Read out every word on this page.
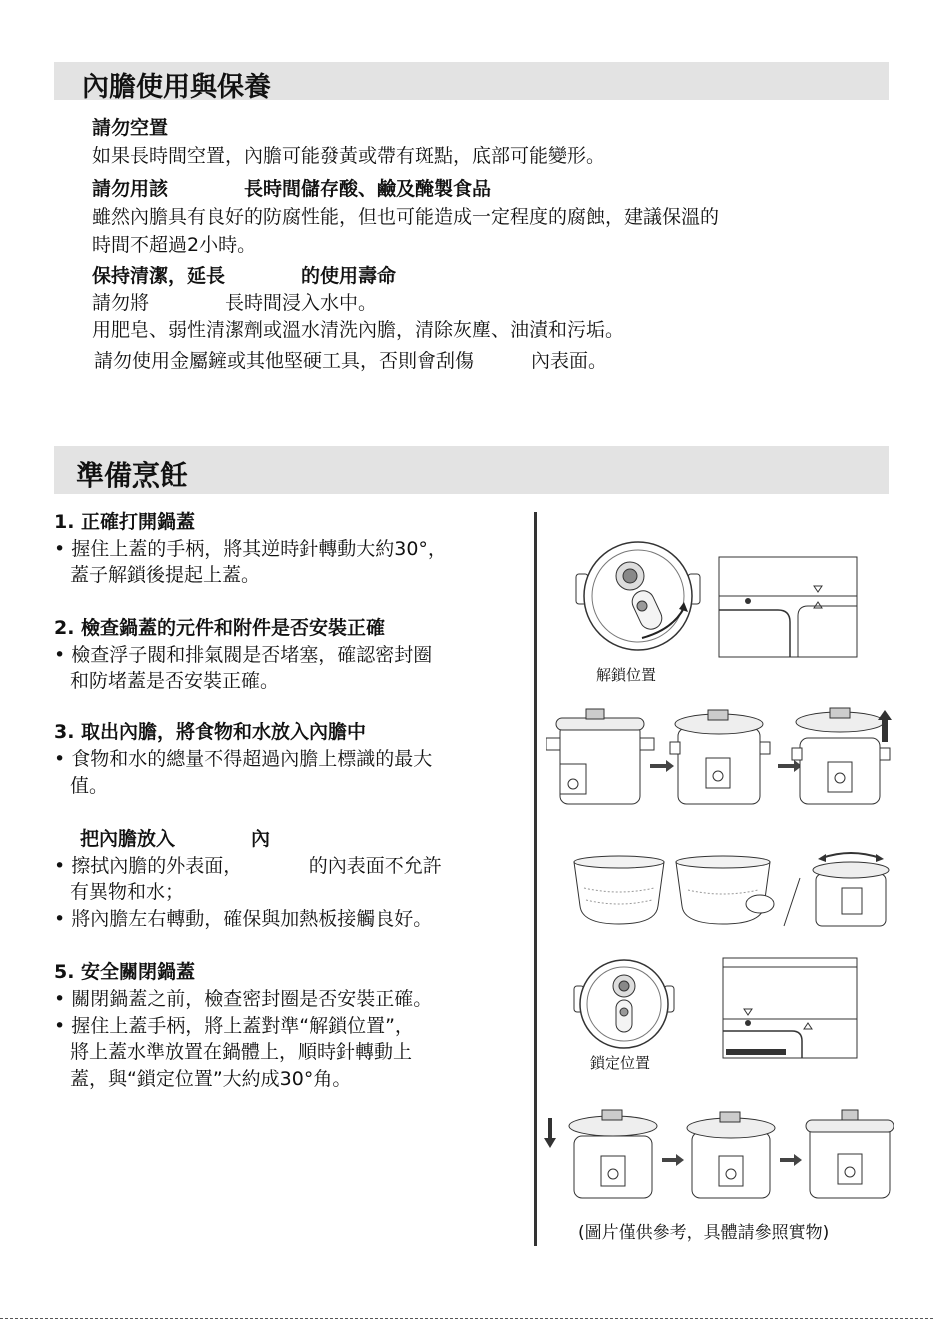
內膽使用與保養
請勿空置
如果長時間空置，內膽可能發黃或帶有斑點，底部可能變形。
請勿用該　　　　長時間儲存酸、鹼及醃製食品
雖然內膽具有良好的防腐性能，但也可能造成一定程度的腐蝕，建議保溫的
時間不超過2小時。
保持清潔，延長　　　　的使用壽命
請勿將　　　　長時間浸入水中。
用肥皂、弱性清潔劑或溫水清洗內膽，清除灰塵、油漬和污垢。
請勿使用金屬鏟或其他堅硬工具，否則會刮傷　　　內表面。
準備烹飪
1. 正確打開鍋蓋
• 握住上蓋的手柄，將其逆時針轉動大約30°，
蓋子解鎖後提起上蓋。
2. 檢查鍋蓋的元件和附件是否安裝正確
• 檢查浮子閥和排氣閥是否堵塞，確認密封圈
和防堵蓋是否安裝正確。
3. 取出內膽，將食物和水放入內膽中
• 食物和水的總量不得超過內膽上標識的最大
值。
把內膽放入　　　　內
• 擦拭內膽的外表面，　　　　的內表面不允許
有異物和水；
• 將內膽左右轉動，確保與加熱板接觸良好。
5. 安全關閉鍋蓋
• 關閉鍋蓋之前，檢查密封圈是否安裝正確。
• 握住上蓋手柄，將上蓋對準“解鎖位置”，
將上蓋水準放置在鍋體上，順時針轉動上
蓋，與“鎖定位置”大約成30°角。
解鎖位置
鎖定位置
(圖片僅供參考，具體請參照實物)
